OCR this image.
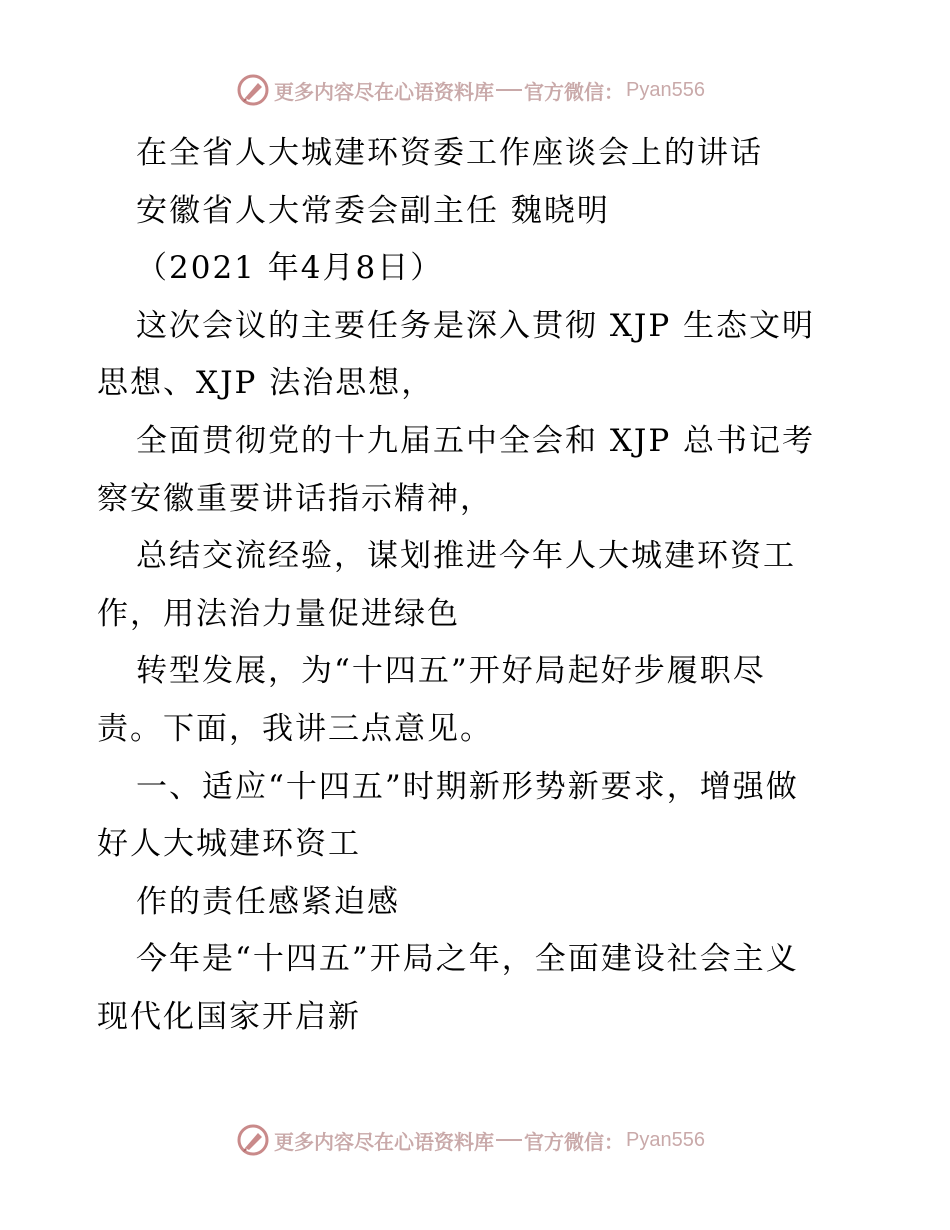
更多内容尽在心语资料库 官方微信： Pyan556
在全省人大城建环资委工作座谈会上的讲话
安徽省人大常委会副主任 魏晓明
（2021 年4月8日）
这次会议的主要任务是深入贯彻 XJP 生态文明
思想、XJP 法治思想，
全面贯彻党的十九届五中全会和 XJP 总书记考
察安徽重要讲话指示精神，
总结交流经验，谋划推进今年人大城建环资工
作，用法治力量促进绿色
转型发展，为“十四五”开好局起好步履职尽
责。下面，我讲三点意见。
一、适应“十四五”时期新形势新要求，增强做
好人大城建环资工
作的责任感紧迫感
今年是“十四五”开局之年，全面建设社会主义
现代化国家开启新
更多内容尽在心语资料库 官方微信： Pyan556
